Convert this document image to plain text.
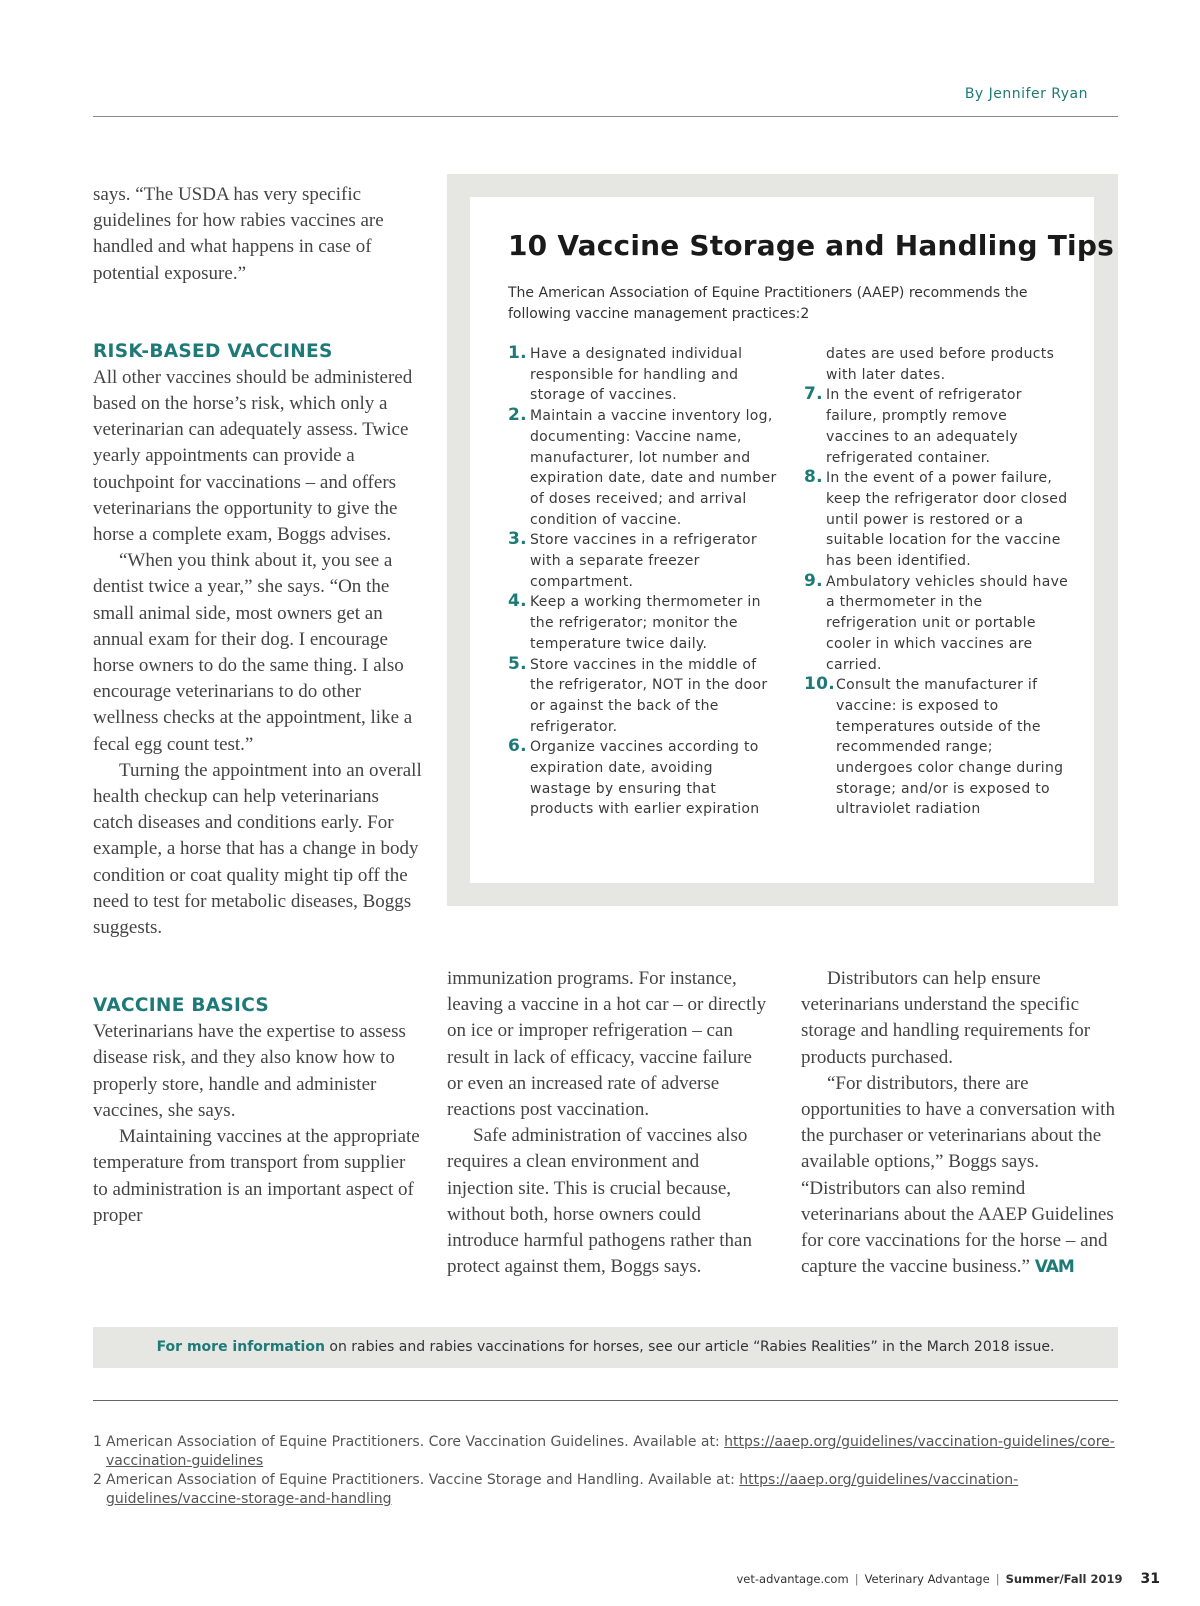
By Jennifer Ryan

says. “The USDA has very specific guidelines for how rabies vaccines are handled and what happens in case of potential exposure.”

RISK-BASED VACCINES

All other vaccines should be administered based on the horse’s risk, which only a veterinarian can adequately assess. Twice yearly appointments can provide a touchpoint for vaccinations – and offers veterinarians the opportunity to give the horse a complete exam, Boggs advises.

“When you think about it, you see a dentist twice a year,” she says. “On the small animal side, most owners get an annual exam for their dog. I encourage horse owners to do the same thing. I also encourage veterinarians to do other wellness checks at the appointment, like a fecal egg count test.”

Turning the appointment into an overall health checkup can help veterinarians catch diseases and conditions early. For example, a horse that has a change in body condition or coat quality might tip off the need to test for metabolic diseases, Boggs suggests.

VACCINE BASICS

Veterinarians have the expertise to assess disease risk, and they also know how to properly store, handle and administer vaccines, she says.

Maintaining vaccines at the appropriate temperature from transport from supplier to administration is an important aspect of proper

10 Vaccine Storage and Handling Tips
The American Association of Equine Practitioners (AAEP) recommends the following vaccine management practices:2
1. Have a designated individual responsible for handling and storage of vaccines.
2. Maintain a vaccine inventory log, documenting: Vaccine name, manufacturer, lot number and expiration date, date and number of doses received; and arrival condition of vaccine.
3. Store vaccines in a refrigerator with a separate freezer compartment.
4. Keep a working thermometer in the refrigerator; monitor the temperature twice daily.
5. Store vaccines in the middle of the refrigerator, NOT in the door or against the back of the refrigerator.
6. Organize vaccines according to expiration date, avoiding wastage by ensuring that products with earlier expiration
dates are used before products with later dates.
7. In the event of refrigerator failure, promptly remove vaccines to an adequately refrigerated container.
8. In the event of a power failure, keep the refrigerator door closed until power is restored or a suitable location for the vaccine has been identified.
9. Ambulatory vehicles should have a thermometer in the refrigeration unit or portable cooler in which vaccines are carried.
10. Consult the manufacturer if vaccine: is exposed to temperatures outside of the recommended range; undergoes color change during storage; and/or is exposed to ultraviolet radiation

immunization programs. For instance, leaving a vaccine in a hot car – or directly on ice or improper refrigeration – can result in lack of efficacy, vaccine failure or even an increased rate of adverse reactions post vaccination.

Safe administration of vaccines also requires a clean environment and injection site. This is crucial because, without both, horse owners could introduce harmful pathogens rather than protect against them, Boggs says.

Distributors can help ensure veterinarians understand the specific storage and handling requirements for products purchased.

“For distributors, there are opportunities to have a conversation with the purchaser or veterinarians about the available options,” Boggs says. “Distributors can also remind veterinarians about the AAEP Guidelines for core vaccinations for the horse – and capture the vaccine business.” VAM

For more information on rabies and rabies vaccinations for horses, see our article “Rabies Realities” in the March 2018 issue.
1 American Association of Equine Practitioners. Core Vaccination Guidelines. Available at: https://aaep.org/guidelines/vaccination-guidelines/core-vaccination-guidelines
2 American Association of Equine Practitioners. Vaccine Storage and Handling. Available at: https://aaep.org/guidelines/vaccination-guidelines/vaccine-storage-and-handling
vet-advantage.com | Veterinary Advantage | Summer/Fall 2019 31
